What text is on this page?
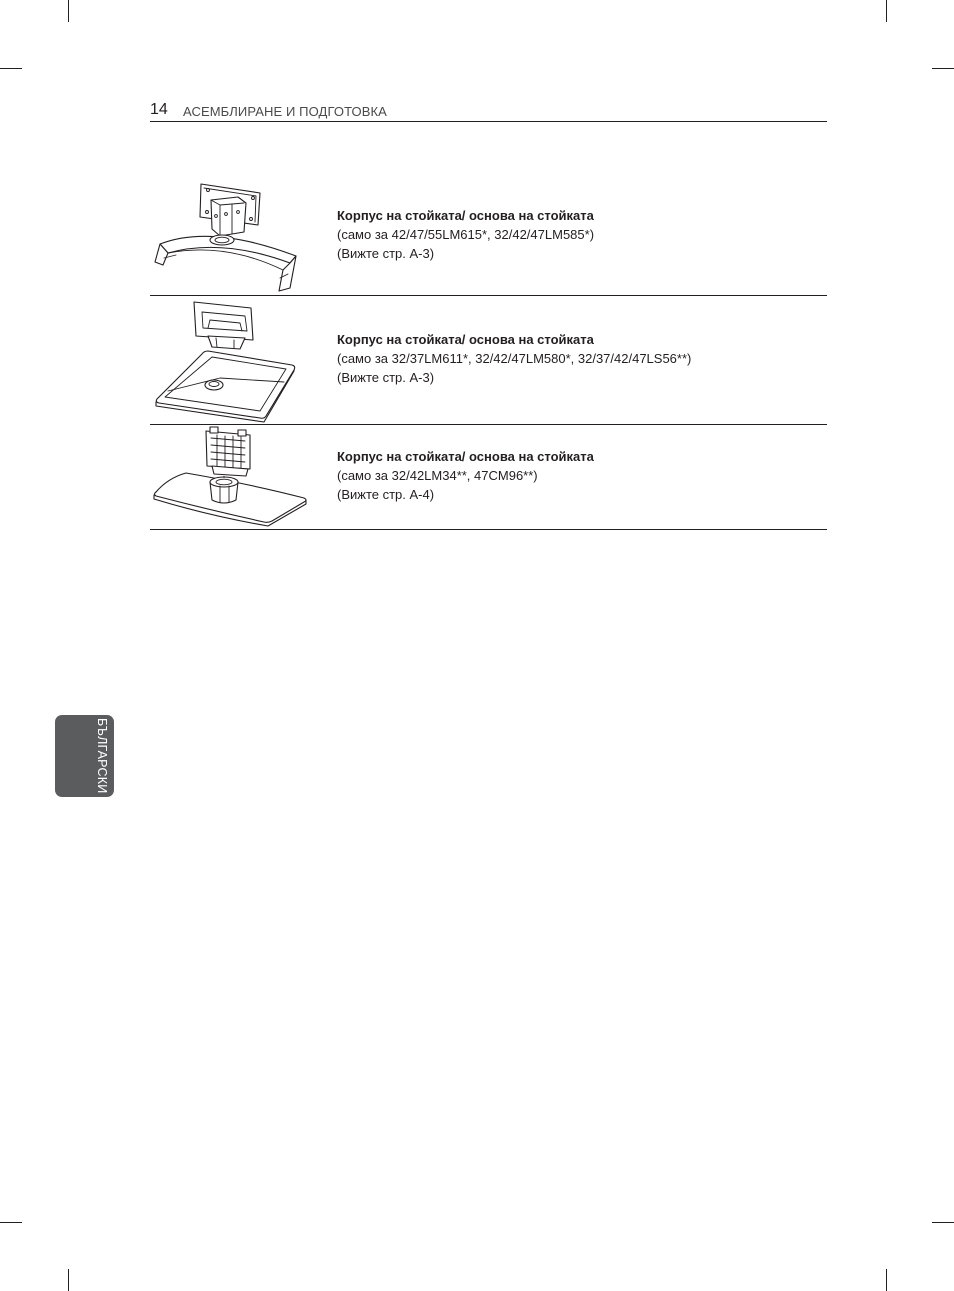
14 АСЕМБЛИРАНЕ И ПОДГОТОВКА
Корпус на стойката/ основа на стойката
(само за 42/47/55LM615*, 32/42/47LM585*)
(Вижте стр. A-3)
Корпус на стойката/ основа на стойката
(само за 32/37LM611*, 32/42/47LM580*, 32/37/42/47LS56**)
(Вижте стр. A-3)
Корпус на стойката/ основа на стойката
(само за 32/42LM34**, 47CM96**)
(Вижте стр. A-4)
БЪЛГАРСКИ
